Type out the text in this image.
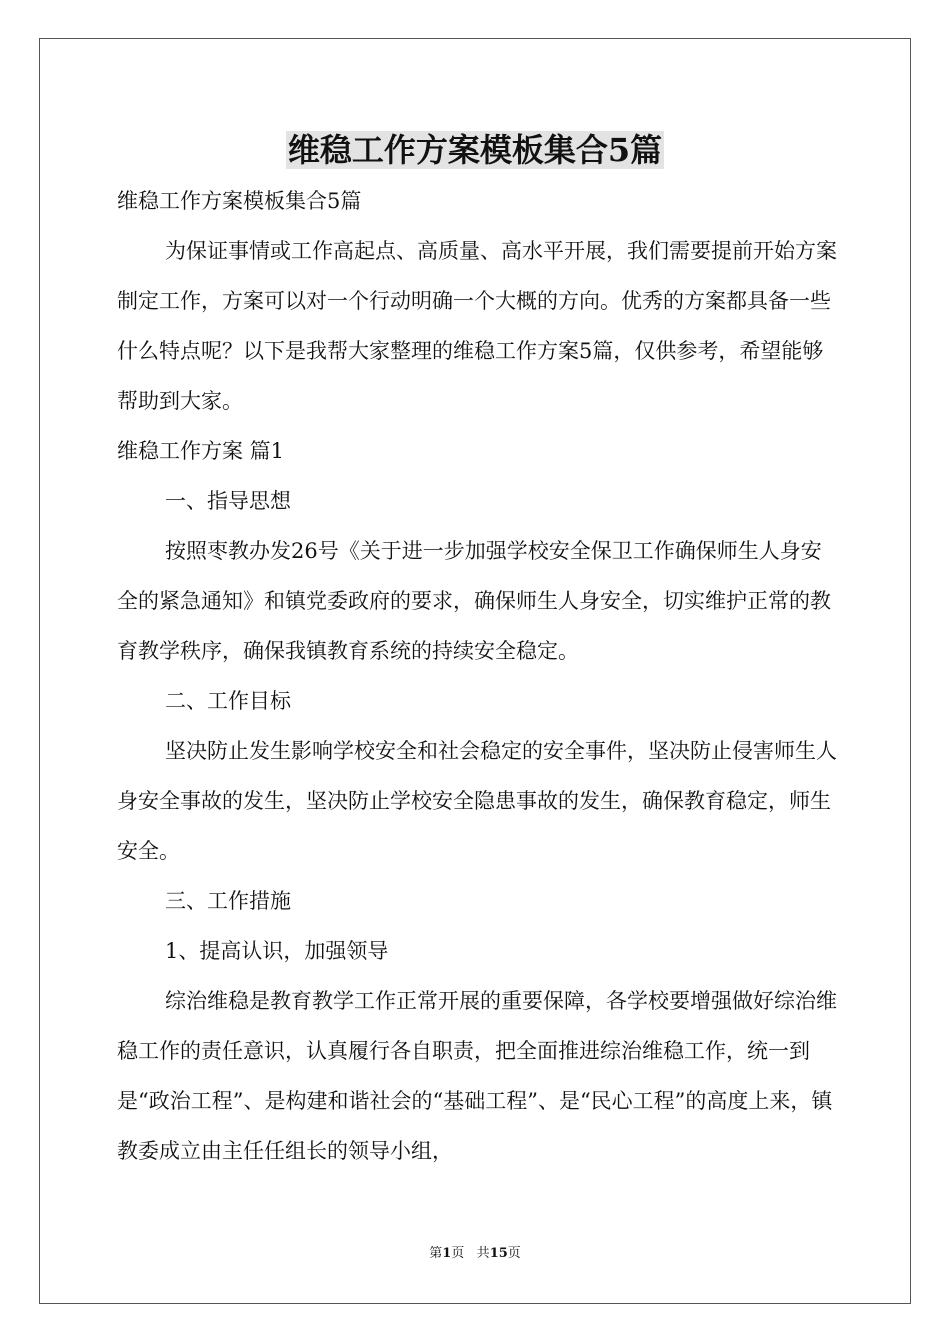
维稳工作方案模板集合5篇

维稳工作方案模板集合5篇

为保证事情或工作高起点、高质量、高水平开展，我们需要提前开始方案制定工作，方案可以对一个行动明确一个大概的方向。优秀的方案都具备一些什么特点呢？以下是我帮大家整理的维稳工作方案5篇，仅供参考，希望能够帮助到大家。

维稳工作方案 篇1

一、指导思想

按照枣教办发26号《关于进一步加强学校安全保卫工作确保师生人身安全的紧急通知》和镇党委政府的要求，确保师生人身安全，切实维护正常的教育教学秩序，确保我镇教育系统的持续安全稳定。

二、工作目标

坚决防止发生影响学校安全和社会稳定的安全事件，坚决防止侵害师生人身安全事故的发生，坚决防止学校安全隐患事故的发生，确保教育稳定，师生安全。

三、工作措施

1、提高认识，加强领导

综治维稳是教育教学工作正常开展的重要保障，各学校要增强做好综治维稳工作的责任意识，认真履行各自职责，把全面推进综治维稳工作，统一到是“政治工程”、是构建和谐社会的“基础工程”、是“民心工程”的高度上来，镇教委成立由主任任组长的领导小组，

第1页 共15页
